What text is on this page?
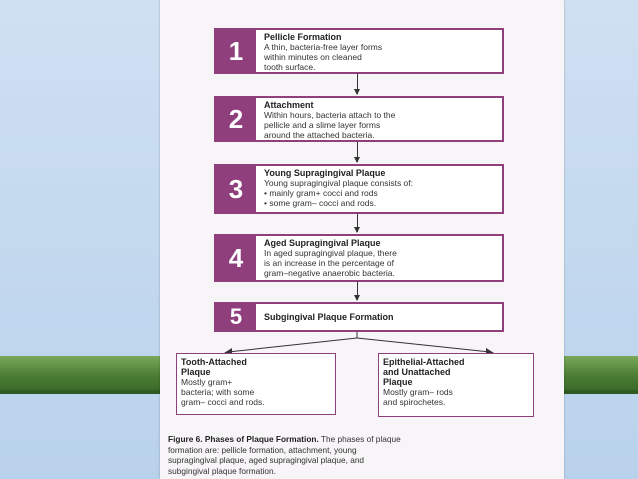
1	Pellicle Formation
A thin, bacteria-free layer forms
within minutes on cleaned
tooth surface.
2	Attachment
Within hours, bacteria attach to the
pellicle and a slime layer forms
around the attached bacteria.
3
Young Supragingival Plaque
Young supragingival plaque consists of:
• mainly gram+ cocci and rods
• some gram– cocci and rods.
4	Aged Supragingival Plaque
In aged supragingival plaque, there
is an increase in the percentage of
gram–negative anaerobic bacteria.
5	Subgingival Plaque Formation
Tooth-Attached
Plaque
Mostly gram+
bacteria; with some
gram– cocci and rods.
Epithelial-Attached
and Unattached
Plaque
Mostly gram– rods
and spirochetes.
Figure 6. Phases of Plaque Formation. The phases of plaque
formation are: pellicle formation, attachment, young
supragingival plaque, aged supragingival plaque, and
subgingival plaque formation.
